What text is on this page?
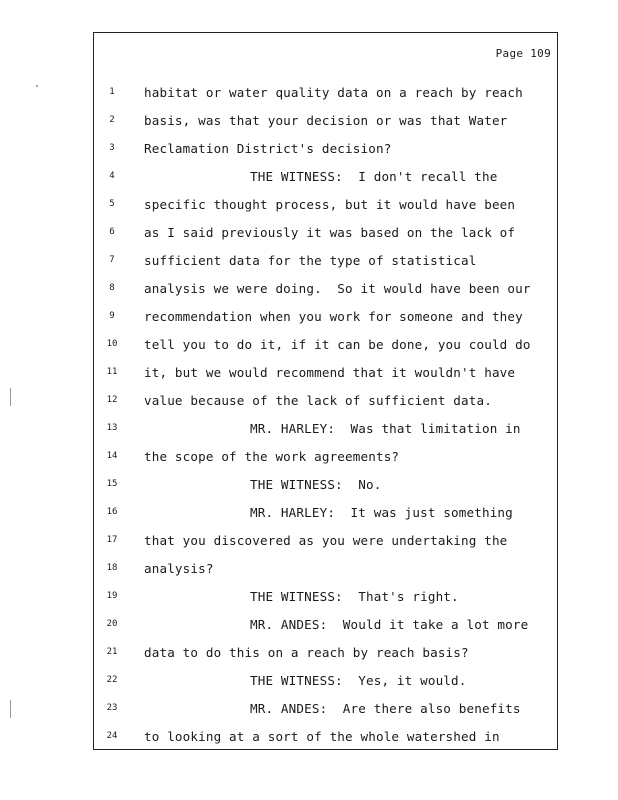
Page 109
1	habitat or water quality data on a reach by reach
2	basis, was that your decision or was that Water
3	Reclamation District's decision?
4	THE WITNESS:  I don't recall the
5	specific thought process, but it would have been
6	as I said previously it was based on the lack of
7	sufficient data for the type of statistical
8	analysis we were doing.  So it would have been our
9	recommendation when you work for someone and they
10	tell you to do it, if it can be done, you could do
11	it, but we would recommend that it wouldn't have
12	value because of the lack of sufficient data.
13	MR. HARLEY:  Was that limitation in
14	the scope of the work agreements?
15	THE WITNESS:  No.
16	MR. HARLEY:  It was just something
17	that you discovered as you were undertaking the
18	analysis?
19	THE WITNESS:  That's right.
20	MR. ANDES:  Would it take a lot more
21	data to do this on a reach by reach basis?
22	THE WITNESS:  Yes, it would.
23	MR. ANDES:  Are there also benefits
24	to looking at a sort of the whole watershed in
